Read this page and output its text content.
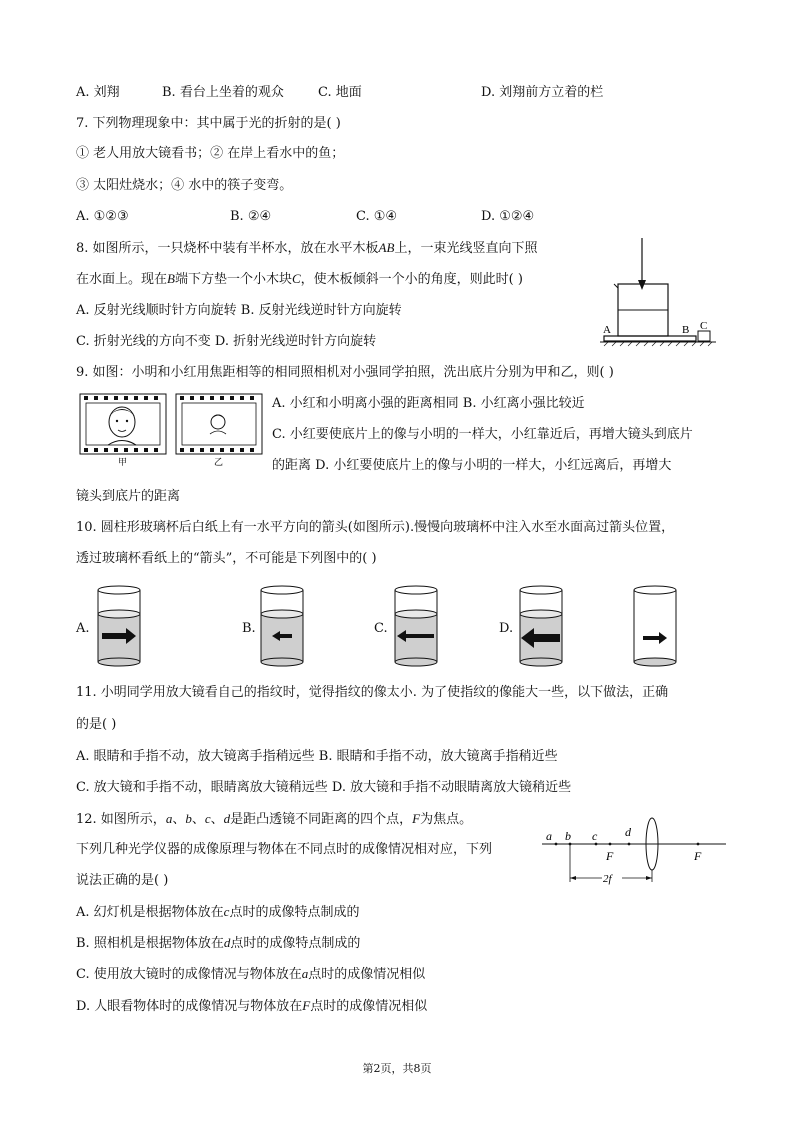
A. 刘翔	B. 看台上坐着的观众	C. 地面	D. 刘翔前方立着的栏
7. 下列物理现象中：其中属于光的折射的是( )
① 老人用放大镜看书；② 在岸上看水中的鱼；
③ 太阳灶烧水；④ 水中的筷子变弯。
A. ①②③	B. ②④	C. ①④	D. ①②④
8. 如图所示，一只烧杯中装有半杯水，放在水平木板AB上，一束光线竖直向下照
在水面上。现在B端下方垫一个小木块C，使木板倾斜一个小的角度，则此时( )
A. 反射光线顺时针方向旋转 B. 反射光线逆时针方向旋转
C. 折射光线的方向不变 D. 折射光线逆时针方向旋转
A	B C
9. 如图：小明和小红用焦距相等的相同照相机对小强同学拍照，洗出底片分别为甲和乙，则( )
A. 小红和小明离小强的距离相同 B. 小红离小强比较近
C. 小红要使底片上的像与小明的一样大，小红靠近后，再增大镜头到底片
的距离 D. 小红要使底片上的像与小明的一样大，小红远离后，再增大
镜头到底片的距离
甲	乙
10. 圆柱形玻璃杯后白纸上有一水平方向的箭头(如图所示).慢慢向玻璃杯中注入水至水面高过箭头位置，
透过玻璃杯看纸上的“箭头”，不可能是下列图中的( )
A.	B.	C.	D.
11. 小明同学用放大镜看自己的指纹时，觉得指纹的像太小. 为了使指纹的像能大一些，以下做法，正确
的是( )
A. 眼睛和手指不动，放大镜离手指稍远些 B. 眼睛和手指不动，放大镜离手指稍近些
C. 放大镜和手指不动，眼睛离放大镜稍远些 D. 放大镜和手指不动眼睛离放大镜稍近些
12. 如图所示，a、b、c、d是距凸透镜不同距离的四个点，F为焦点。
下列几种光学仪器的成像原理与物体在不同点时的成像情况相对应，下列
说法正确的是( )
A. 幻灯机是根据物体放在c点时的成像特点制成的
B. 照相机是根据物体放在d点时的成像特点制成的
C. 使用放大镜时的成像情况与物体放在a点时的成像情况相似
D. 人眼看物体时的成像情况与物体放在F点时的成像情况相似
a b c d
F	F
2f
第2页，共8页
